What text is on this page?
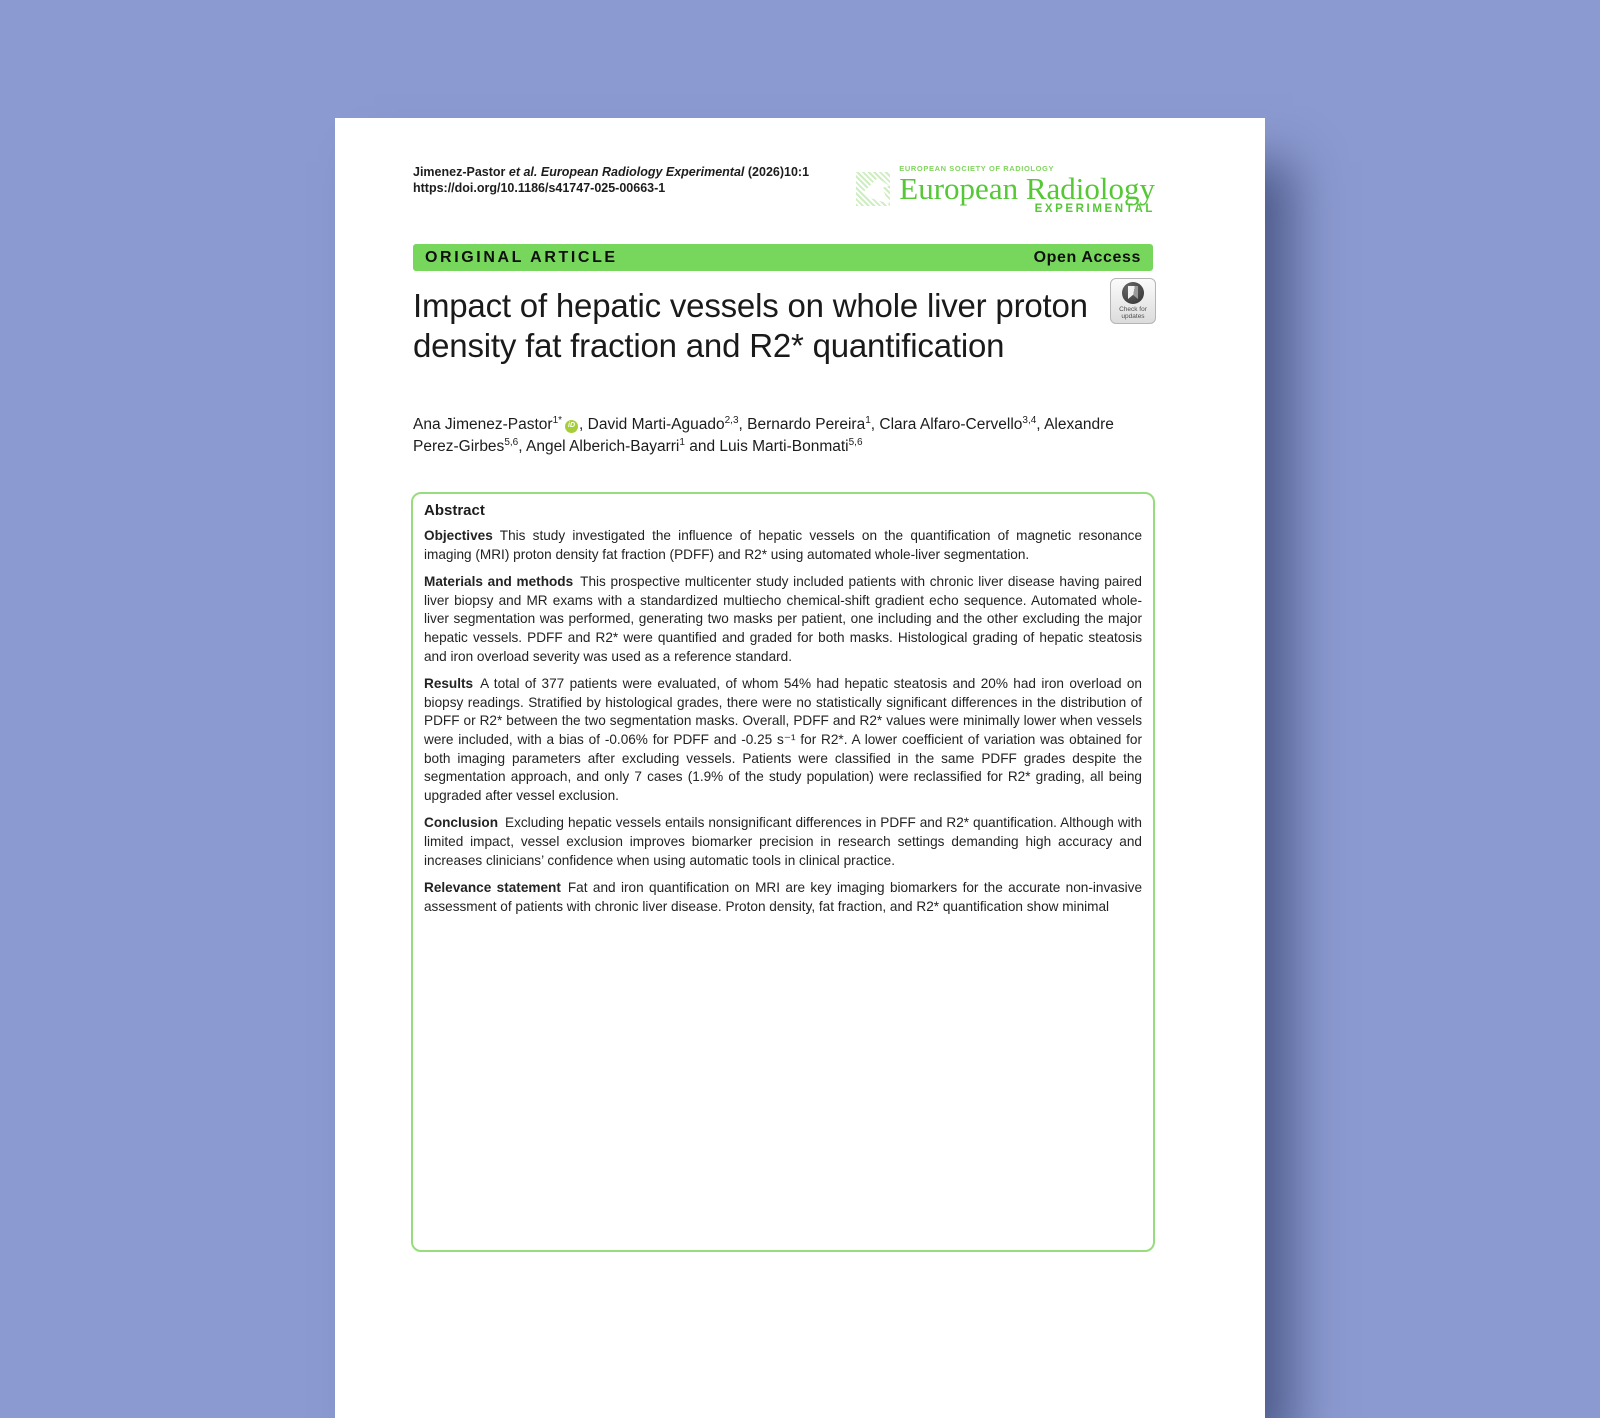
Jimenez-Pastor et al. European Radiology Experimental (2026)10:1
https://doi.org/10.1186/s41747-025-00663-1
EUROPEAN SOCIETY OF RADIOLOGY
European Radiology
EXPERIMENTAL
ORIGINAL ARTICLE	Open Access
Impact of hepatic vessels on whole liver proton density fat fraction and R2* quantification
Check for
updates

Ana Jimenez-Pastor$^{1*}$ iD , David Marti-Aguado$^{2,3}$, Bernardo Pereira$^1$, Clara Alfaro-Cervello$^{3,4}$, Alexandre Perez-Girbes$^{5,6}$, Angel Alberich-Bayarri$^1$ and Luis Marti-Bonmati$^{5,6}$

Abstract

Objectives This study investigated the influence of hepatic vessels on the quantification of magnetic resonance imaging (MRI) proton density fat fraction (PDFF) and R2* using automated whole-liver segmentation.

Materials and methods This prospective multicenter study included patients with chronic liver disease having paired liver biopsy and MR exams with a standardized multiecho chemical-shift gradient echo sequence. Automated whole-liver segmentation was performed, generating two masks per patient, one including and the other excluding the major hepatic vessels. PDFF and R2* were quantified and graded for both masks. Histological grading of hepatic steatosis and iron overload severity was used as a reference standard.

Results A total of 377 patients were evaluated, of whom 54% had hepatic steatosis and 20% had iron overload on biopsy readings. Stratified by histological grades, there were no statistically significant differences in the distribution of PDFF or R2* between the two segmentation masks. Overall, PDFF and R2* values were minimally lower when vessels were included, with a bias of -0.06% for PDFF and -0.25 s⁻¹ for R2*. A lower coefficient of variation was obtained for both imaging parameters after excluding vessels. Patients were classified in the same PDFF grades despite the segmentation approach, and only 7 cases (1.9% of the study population) were reclassified for R2* grading, all being upgraded after vessel exclusion.

Conclusion Excluding hepatic vessels entails nonsignificant differences in PDFF and R2* quantification. Although with limited impact, vessel exclusion improves biomarker precision in research settings demanding high accuracy and increases clinicians’ confidence when using automatic tools in clinical practice.

Relevance statement Fat and iron quantification on MRI are key imaging biomarkers for the accurate non-invasive assessment of patients with chronic liver disease. Proton density, fat fraction, and R2* quantification show minimal
